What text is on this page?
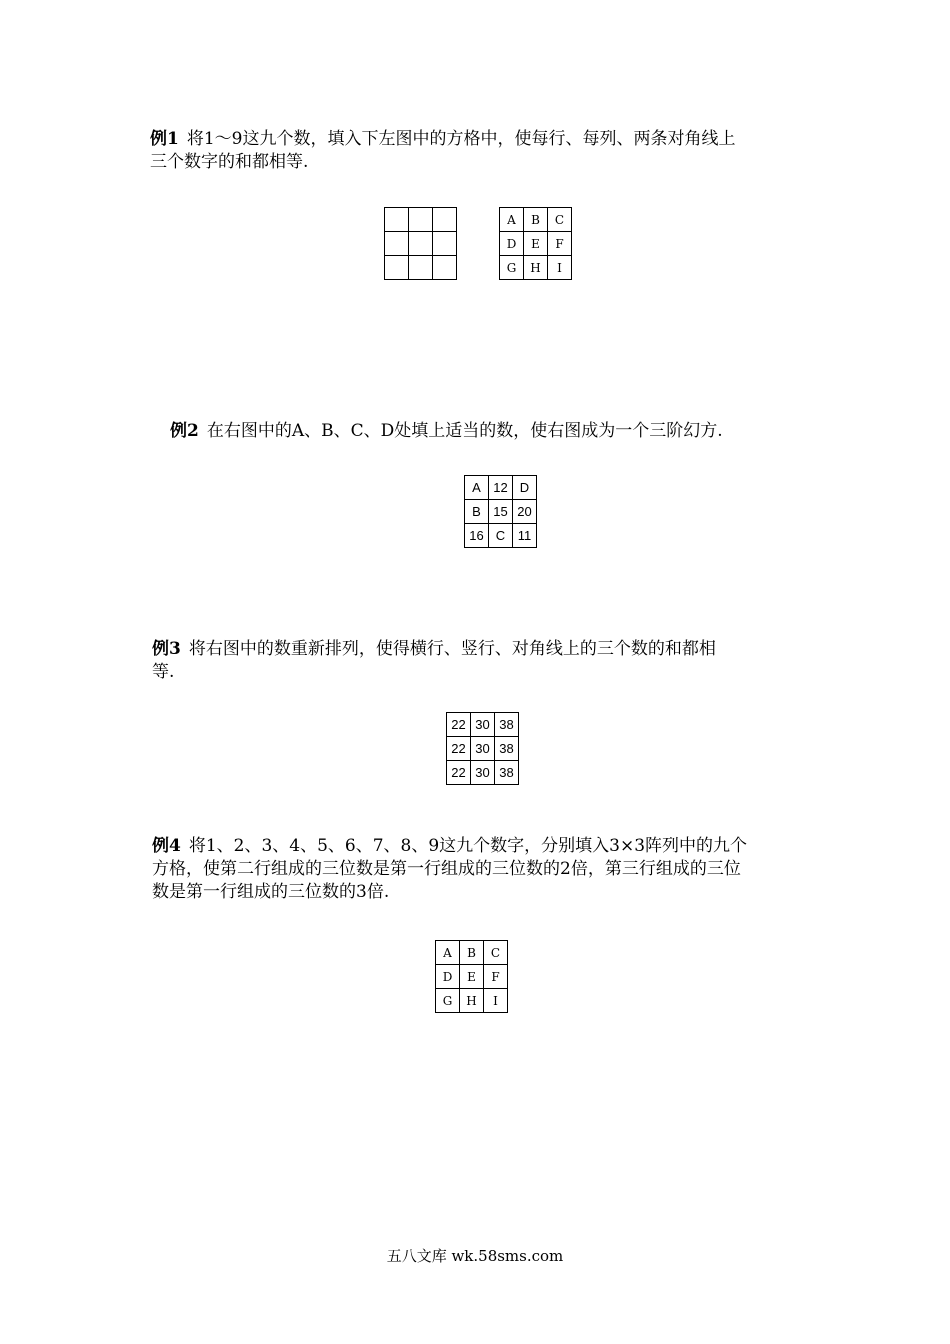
例1 将1～9这九个数，填入下左图中的方格中，使每行、每列、两条对角线上
三个数字的和都相等.
A	B	C
D	E	F
G	H	I
例2 在右图中的A、B、C、D处填上适当的数，使右图成为一个三阶幻方.
A 12 D
B 15 20
16 C 11
例3 将右图中的数重新排列，使得横行、竖行、对角线上的三个数的和都相
等.
22 30 38
22 30 38
22 30 38
例4 将1、2、3、4、5、6、7、8、9这九个数字，分别填入3×3阵列中的九个
方格，使第二行组成的三位数是第一行组成的三位数的2倍，第三行组成的三位
数是第一行组成的三位数的3倍.
A	B	C
D	E	F
G	H	I
五八文库 wk.58sms.com
